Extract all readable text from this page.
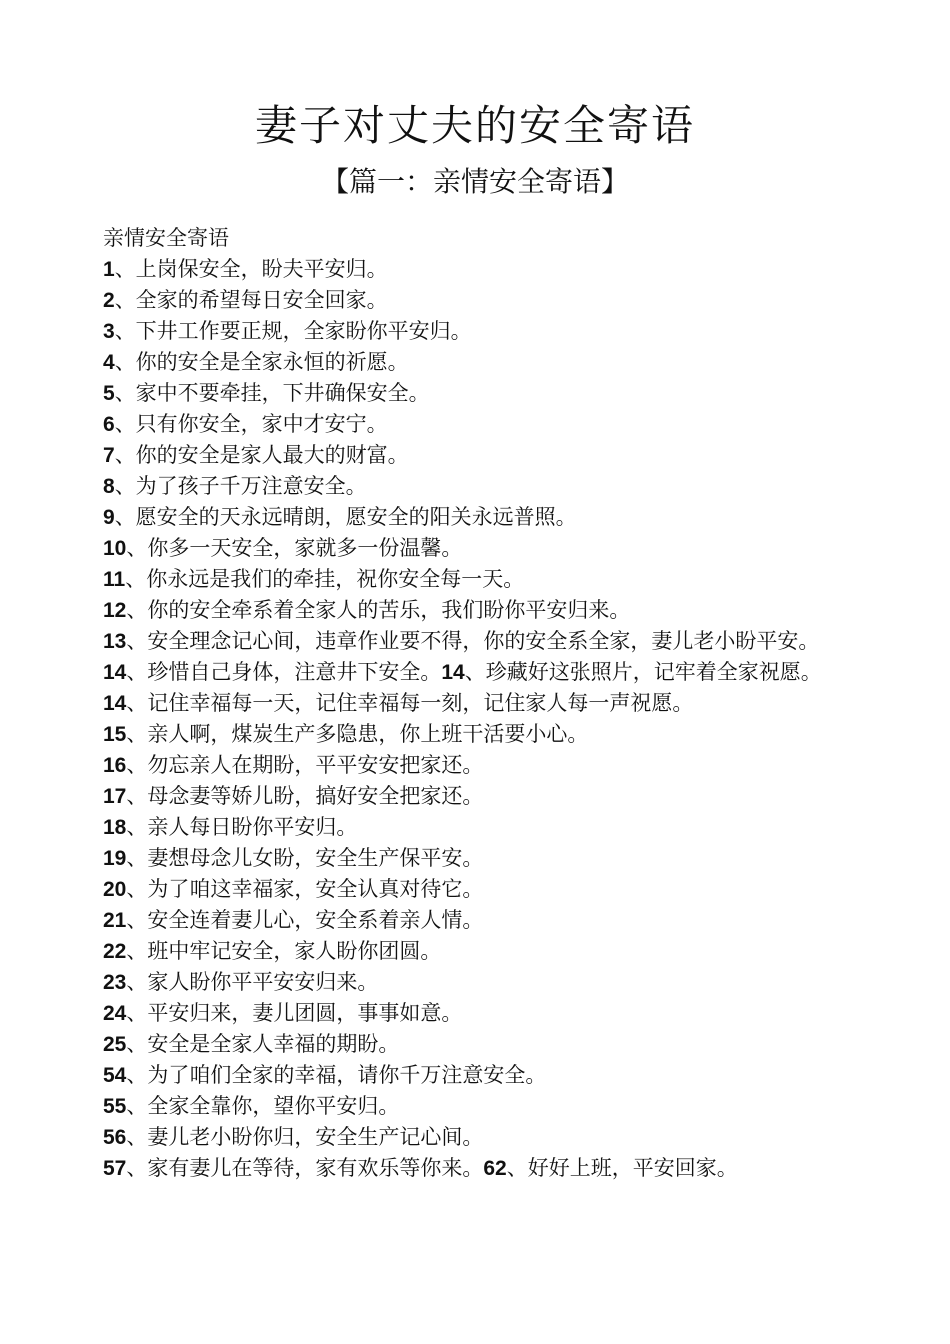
妻子对丈夫的安全寄语
【篇一：亲情安全寄语】

亲情安全寄语

1、上岗保安全，盼夫平安归。

2、全家的希望每日安全回家。

3、下井工作要正规，全家盼你平安归。

4、你的安全是全家永恒的祈愿。

5、家中不要牵挂，下井确保安全。

6、只有你安全，家中才安宁。

7、你的安全是家人最大的财富。

8、为了孩子千万注意安全。

9、愿安全的天永远晴朗，愿安全的阳关永远普照。

10、你多一天安全，家就多一份温馨。

11、你永远是我们的牵挂，祝你安全每一天。

12、你的安全牵系着全家人的苦乐，我们盼你平安归来。

13、安全理念记心间，违章作业要不得，你的安全系全家，妻儿老小盼平安。

14、珍惜自己身体，注意井下安全。14、珍藏好这张照片，记牢着全家祝愿。14、记住幸福每一天，记住幸福每一刻，记住家人每一声祝愿。

15、亲人啊，煤炭生产多隐患，你上班干活要小心。

16、勿忘亲人在期盼，平平安安把家还。

17、母念妻等娇儿盼，搞好安全把家还。

18、亲人每日盼你平安归。

19、妻想母念儿女盼，安全生产保平安。

20、为了咱这幸福家，安全认真对待它。

21、安全连着妻儿心，安全系着亲人情。

22、班中牢记安全，家人盼你团圆。

23、家人盼你平平安安归来。

24、平安归来，妻儿团圆，事事如意。

25、安全是全家人幸福的期盼。

54、为了咱们全家的幸福，请你千万注意安全。

55、全家全靠你，望你平安归。

56、妻儿老小盼你归，安全生产记心间。

57、家有妻儿在等待，家有欢乐等你来。62、好好上班，平安回家。
